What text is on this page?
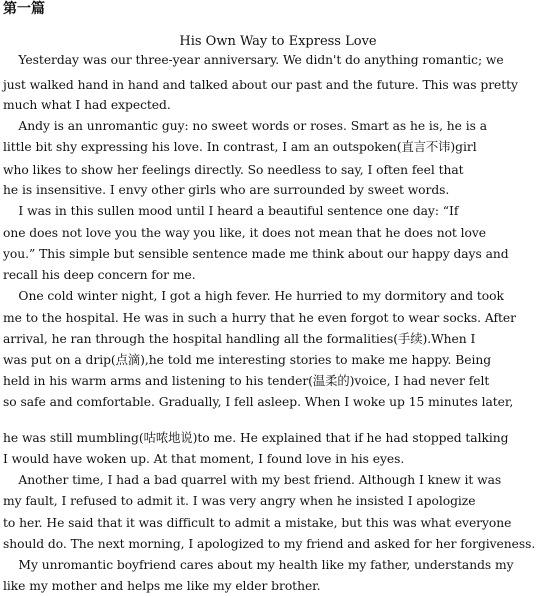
第一篇
His Own Way to Express Love
Yesterday was our three-year anniversary. We didn't do anything romantic; we
just walked hand in hand and talked about our past and the future. This was pretty
much what I had expected.
Andy is an unromantic guy: no sweet words or roses. Smart as he is, he is a
little bit shy expressing his love. In contrast, I am an outspoken(直言不讳)girl
who likes to show her feelings directly. So needless to say, I often feel that
he is insensitive. I envy other girls who are surrounded by sweet words.
I was in this sullen mood until I heard a beautiful sentence one day: “If
one does not love you the way you like, it does not mean that he does not love
you.” This simple but sensible sentence made me think about our happy days and
recall his deep concern for me.
One cold winter night, I got a high fever. He hurried to my dormitory and took
me to the hospital. He was in such a hurry that he even forgot to wear socks. After
arrival, he ran through the hospital handling all the formalities(手续).When I
was put on a drip(点滴),he told me interesting stories to make me happy. Being
held in his warm arms and listening to his tender(温柔的)voice, I had never felt
so safe and comfortable. Gradually, I fell asleep. When I woke up 15 minutes later,
he was still mumbling(咕哝地说)to me. He explained that if he had stopped talking
I would have woken up. At that moment, I found love in his eyes.
Another time, I had a bad quarrel with my best friend. Although I knew it was
my fault, I refused to admit it. I was very angry when he insisted I apologize
to her. He said that it was difficult to admit a mistake, but this was what everyone
should do. The next morning, I apologized to my friend and asked for her forgiveness.
My unromantic boyfriend cares about my health like my father, understands my
like my mother and helps me like my elder brother.
